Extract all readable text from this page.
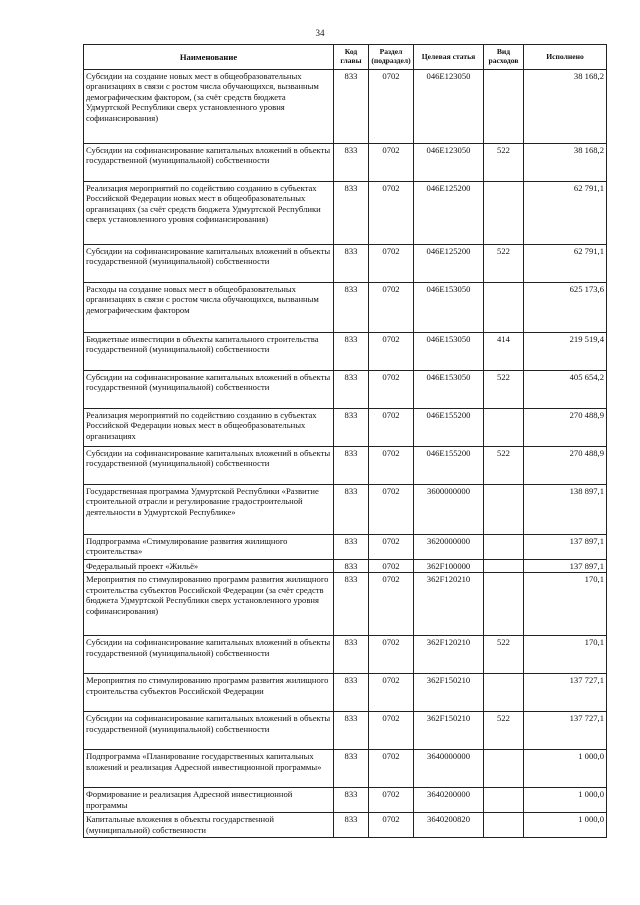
34
Наименование	Код главы	Раздел (подраздел)	Целевая статья	Вид расходов	Исполнено
Субсидии на создание новых мест в общеобразовательных организациях в связи с ростом числа обучающихся, вызванным демографическим фактором, (за счёт средств бюджета Удмуртской Республики сверх установленного уровня софинансирования)	833	0702	046E123050		38 168,2
Субсидии на софинансирование капитальных вложений в объекты государственной (муниципальной) собственности	833	0702	046E123050	522	38 168,2
Реализация мероприятий по содействию созданию в субъектах Российской Федерации новых мест в общеобразовательных организациях (за счёт средств бюджета Удмуртской Республики сверх установленного уровня софинансирования)	833	0702	046E125200		62 791,1
Субсидии на софинансирование капитальных вложений в объекты государственной (муниципальной) собственности	833	0702	046E125200	522	62 791,1
Расходы на создание новых мест в общеобразовательных организациях в связи с ростом числа обучающихся, вызванным демографическим фактором	833	0702	046E153050		625 173,6
Бюджетные инвестиции в объекты капитального строительства государственной (муниципальной) собственности	833	0702	046E153050	414	219 519,4
Субсидии на софинансирование капитальных вложений в объекты государственной (муниципальной) собственности	833	0702	046E153050	522	405 654,2
Реализация мероприятий по содействию созданию в субъектах Российской Федерации новых мест в общеобразовательных организациях	833	0702	046E155200		270 488,9
Субсидии на софинансирование капитальных вложений в объекты государственной (муниципальной) собственности	833	0702	046E155200	522	270 488,9
Государственная программа Удмуртской Республики «Развитие строительной отрасли и регулирование градостроительной деятельности в Удмуртской Республике»	833	0702	3600000000		138 897,1
Подпрограмма «Стимулирование развития жилищного строительства»	833	0702	3620000000		137 897,1
Федеральный проект «Жильё»	833	0702	362F100000		137 897,1
Мероприятия по стимулированию программ развития жилищного строительства субъектов Российской Федерации (за счёт средств бюджета Удмуртской Республики сверх установленного уровня софинансирования)	833	0702	362F120210		170,1
Субсидии на софинансирование капитальных вложений в объекты государственной (муниципальной) собственности	833	0702	362F120210	522	170,1
Мероприятия по стимулированию программ развития жилищного строительства субъектов Российской Федерации	833	0702	362F150210		137 727,1
Субсидии на софинансирование капитальных вложений в объекты государственной (муниципальной) собственности	833	0702	362F150210	522	137 727,1
Подпрограмма «Планирование государственных капитальных вложений и реализация Адресной инвестиционной программы»	833	0702	3640000000		1 000,0
Формирование и реализация Адресной инвестиционной программы	833	0702	3640200000		1 000,0
Капитальные вложения в объекты государственной (муниципальной) собственности	833	0702	3640200820		1 000,0
